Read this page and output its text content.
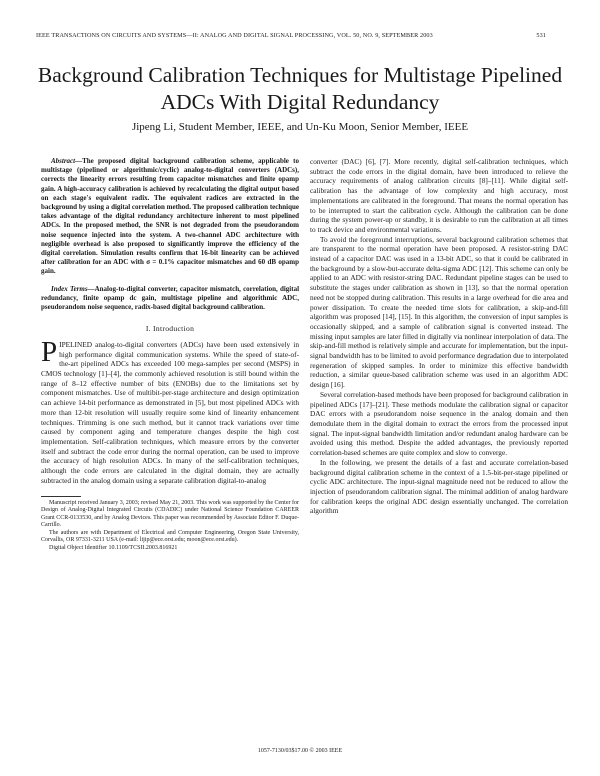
IEEE TRANSACTIONS ON CIRCUITS AND SYSTEMS—II: ANALOG AND DIGITAL SIGNAL PROCESSING, VOL. 50, NO. 9, SEPTEMBER 2003	531
Background Calibration Techniques for Multistage Pipelined ADCs With Digital Redundancy
Jipeng Li, Student Member, IEEE, and Un-Ku Moon, Senior Member, IEEE

Abstract—The proposed digital background calibration scheme, applicable to multistage (pipelined or algorithmic/cyclic) analog-to-digital converters (ADCs), corrects the linearity errors resulting from capacitor mismatches and finite opamp gain. A high-accuracy calibration is achieved by recalculating the digital output based on each stage's equivalent radix. The equivalent radices are extracted in the background by using a digital correlation method. The proposed calibration technique takes advantage of the digital redundancy architecture inherent to most pipelined ADCs. In the proposed method, the SNR is not degraded from the pseudorandom noise sequence injected into the system. A two-channel ADC architecture with negligible overhead is also proposed to significantly improve the efficiency of the digital correlation. Simulation results confirm that 16-bit linearity can be achieved after calibration for an ADC with σ = 0.1% capacitor mismatches and 60 dB opamp gain.

Index Terms—Analog-to-digital converter, capacitor mismatch, correlation, digital redundancy, finite opamp dc gain, multistage pipeline and algorithmic ADC, pseudorandom noise sequence, radix-based digital background calibration.

I. Introduction

PIPELINED analog-to-digital converters (ADCs) have been used extensively in high performance digital communication systems. While the speed of state-of-the-art pipelined ADCs has exceeded 100 mega-samples per second (MSPS) in CMOS technology [1]–[4], the commonly achieved resolution is still bound within the range of 8–12 effective number of bits (ENOBs) due to the limitations set by component mismatches. Use of multibit-per-stage architecture and design optimization can achieve 14-bit performance as demonstrated in [5], but most pipelined ADCs with more than 12-bit resolution will usually require some kind of linearity enhancement techniques. Trimming is one such method, but it cannot track variations over time caused by component aging and temperature changes despite the high cost implementation. Self-calibration techniques, which measure errors by the converter itself and subtract the code error during the normal operation, can be used to improve the accuracy of high resolution ADCs. In many of the self-calibration techniques, although the code errors are calculated in the digital domain, they are actually subtracted in the analog domain using a separate calibration digital-to-analog

Manuscript received January 3, 2003; revised May 21, 2003. This work was supported by the Center for Design of Analog-Digital Integrated Circuits (CDADIC) under National Science Foundation CAREER Grant CCR-0133530, and by Analog Devices. This paper was recommended by Associate Editor F. Duque-Carrillo.

The authors are with Department of Electrical and Computer Engineering, Oregon State University, Corvallis, OR 97331-3211 USA (e-mail: lijip@ece.orst.edu; moon@ece.orst.edu).

Digital Object Identifier 10.1109/TCSII.2003.816921

converter (DAC) [6], [7]. More recently, digital self-calibration techniques, which subtract the code errors in the digital domain, have been introduced to relieve the accuracy requirements of analog calibration circuits [8]–[11]. While digital self-calibration has the advantage of low complexity and high accuracy, most implementations are calibrated in the foreground. That means the normal operation has to be interrupted to start the calibration cycle. Although the calibration can be done during the system power-up or standby, it is desirable to run the calibration at all times to track device and environmental variations.

To avoid the foreground interruptions, several background calibration schemes that are transparent to the normal operation have been proposed. A resistor-string DAC instead of a capacitor DAC was used in a 13-bit ADC, so that it could be calibrated in the background by a slow-but-accurate delta-sigma ADC [12]. This scheme can only be applied to an ADC with resistor-string DAC. Redundant pipeline stages can be used to substitute the stages under calibration as shown in [13], so that the normal operation need not be stopped during calibration. This results in a large overhead for die area and power dissipation. To create the needed time slots for calibration, a skip-and-fill algorithm was proposed [14], [15]. In this algorithm, the conversion of input samples is occasionally skipped, and a sample of calibration signal is converted instead. The missing input samples are later filled in digitally via nonlinear interpolation of data. The skip-and-fill method is relatively simple and accurate for implementation, but the input-signal bandwidth has to be limited to avoid performance degradation due to interpolated regeneration of skipped samples. In order to minimize this effective bandwidth reduction, a similar queue-based calibration scheme was used in an algorithm ADC design [16].

Several correlation-based methods have been proposed for background calibration in pipelined ADCs [17]–[21]. These methods modulate the calibration signal or capacitor DAC errors with a pseudorandom noise sequence in the analog domain and then demodulate them in the digital domain to extract the errors from the processed input signal. The input-signal bandwidth limitation and/or redundant analog hardware can be avoided using this method. Despite the added advantages, the previously reported correlation-based schemes are quite complex and slow to converge.

In the following, we present the details of a fast and accurate correlation-based background digital calibration scheme in the context of a 1.5-bit-per-stage pipelined or cyclic ADC architecture. The input-signal magnitude need not be reduced to allow the injection of pseudorandom calibration signal. The minimal addition of analog hardware for calibration keeps the original ADC design essentially unchanged. The correlation algorithm

1057-7130/03$17.00 © 2003 IEEE
